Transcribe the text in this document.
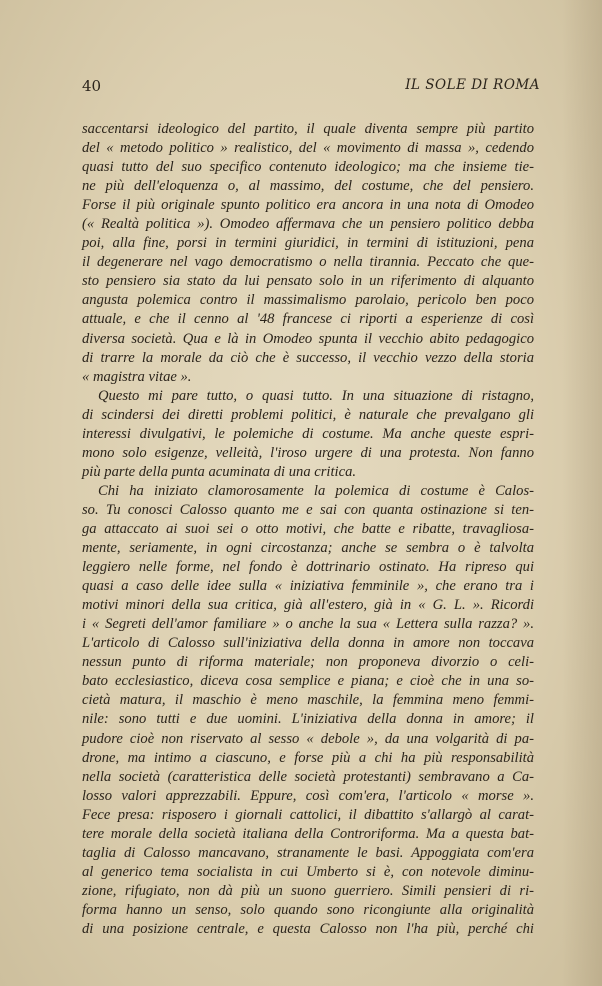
40	IL SOLE DI ROMA
saccentarsi ideologico del partito, il quale diventa sempre più partito
del « metodo politico » realistico, del « movimento di massa », cedendo
quasi tutto del suo specifico contenuto ideologico; ma che insieme tie-
ne più dell'eloquenza o, al massimo, del costume, che del pensiero.
Forse il più originale spunto politico era ancora in una nota di Omodeo
(« Realtà politica »). Omodeo affermava che un pensiero politico debba
poi, alla fine, porsi in termini giuridici, in termini di istituzioni, pena
il degenerare nel vago democratismo o nella tirannia. Peccato che que-
sto pensiero sia stato da lui pensato solo in un riferimento di alquanto
angusta polemica contro il massimalismo parolaio, pericolo ben poco
attuale, e che il cenno al '48 francese ci riporti a esperienze di così
diversa società. Qua e là in Omodeo spunta il vecchio abito pedagogico
di trarre la morale da ciò che è successo, il vecchio vezzo della storia
« magistra vitae ».
Questo mi pare tutto, o quasi tutto. In una situazione di ristagno,
di scindersi dei diretti problemi politici, è naturale che prevalgano gli
interessi divulgativi, le polemiche di costume. Ma anche queste espri-
mono solo esigenze, velleità, l'iroso urgere di una protesta. Non fanno
più parte della punta acuminata di una critica.
Chi ha iniziato clamorosamente la polemica di costume è Calos-
so. Tu conosci Calosso quanto me e sai con quanta ostinazione si ten-
ga attaccato ai suoi sei o otto motivi, che batte e ribatte, travagliosa-
mente, seriamente, in ogni circostanza; anche se sembra o è talvolta
leggiero nelle forme, nel fondo è dottrinario ostinato. Ha ripreso qui
quasi a caso delle idee sulla « iniziativa femminile », che erano tra i
motivi minori della sua critica, già all'estero, già in « G. L. ». Ricordi
i « Segreti dell'amor familiare » o anche la sua « Lettera sulla razza? ».
L'articolo di Calosso sull'iniziativa della donna in amore non toccava
nessun punto di riforma materiale; non proponeva divorzio o celi-
bato ecclesiastico, diceva cosa semplice e piana; e cioè che in una so-
cietà matura, il maschio è meno maschile, la femmina meno femmi-
nile: sono tutti e due uomini. L'iniziativa della donna in amore; il
pudore cioè non riservato al sesso « debole », da una volgarità di pa-
drone, ma intimo a ciascuno, e forse più a chi ha più responsabilità
nella società (caratteristica delle società protestanti) sembravano a Ca-
losso valori apprezzabili. Eppure, così com'era, l'articolo « morse ».
Fece presa: risposero i giornali cattolici, il dibattito s'allargò al carat-
tere morale della società italiana della Controriforma. Ma a questa bat-
taglia di Calosso mancavano, stranamente le basi. Appoggiata com'era
al generico tema socialista in cui Umberto si è, con notevole diminu-
zione, rifugiato, non dà più un suono guerriero. Simili pensieri di ri-
forma hanno un senso, solo quando sono ricongiunte alla originalità
di una posizione centrale, e questa Calosso non l'ha più, perché chi
